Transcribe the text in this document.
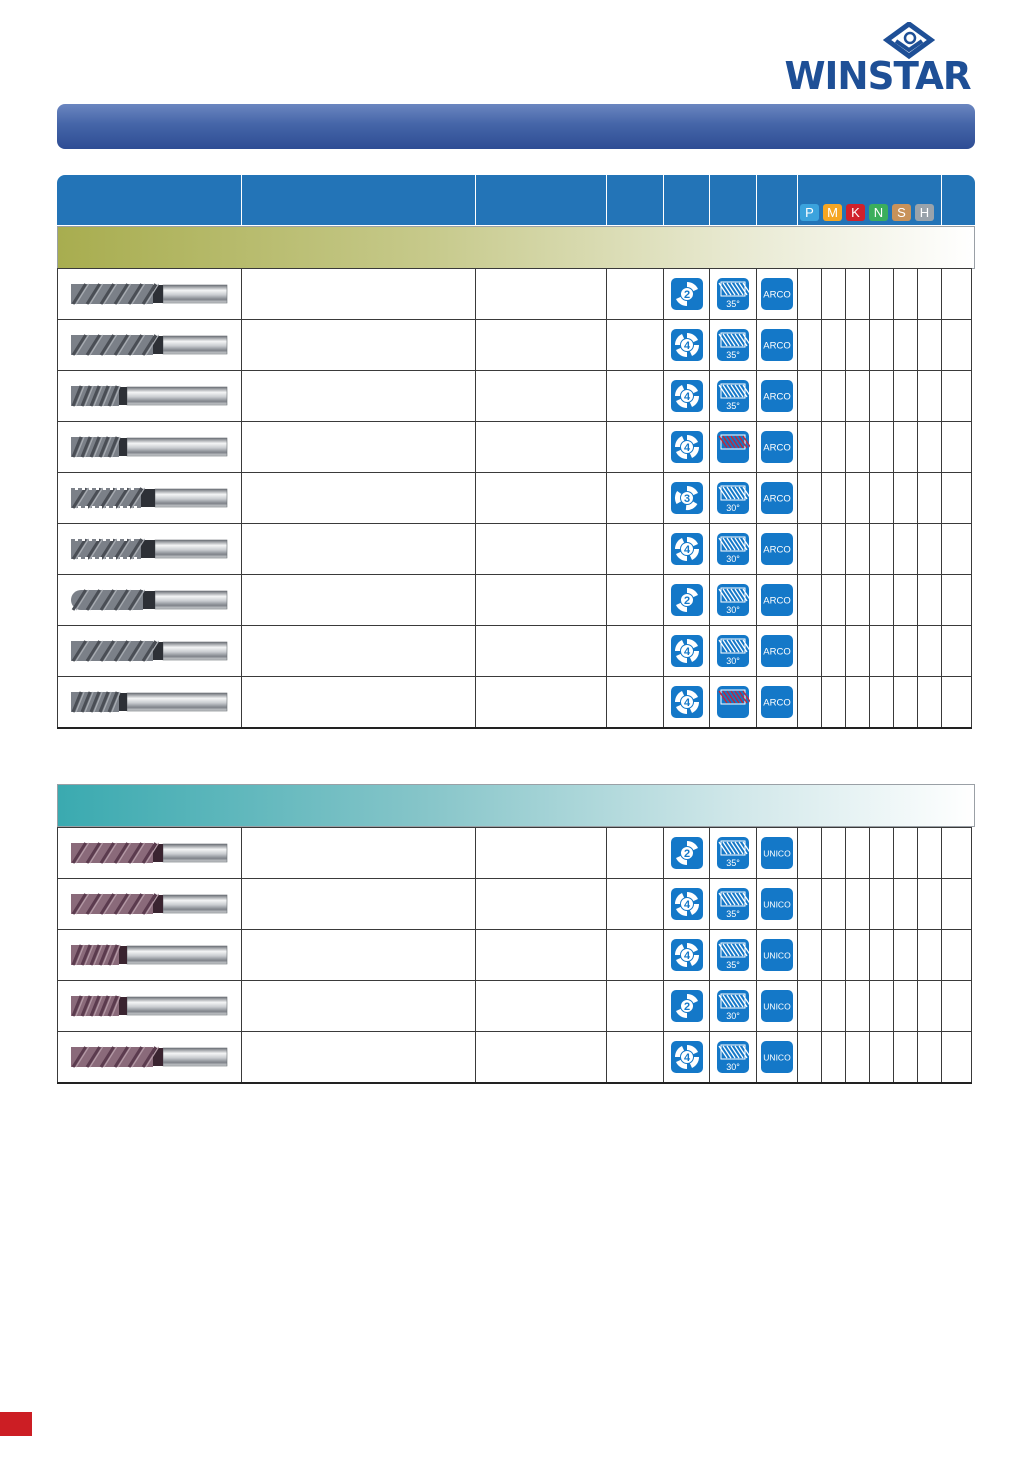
WINSTAR
P	M	K	N	S	H

2	35°	ARCO							

4	35°	ARCO							

4	35°	ARCO							

4		ARCO							

3	30°	ARCO							

4	30°	ARCO							

2	30°	ARCO							

4	30°	ARCO							

4		ARCO							

2	35°	UNICO							

4	35°	UNICO							

4	35°	UNICO							

2	30°	UNICO							

4	30°	UNICO							
